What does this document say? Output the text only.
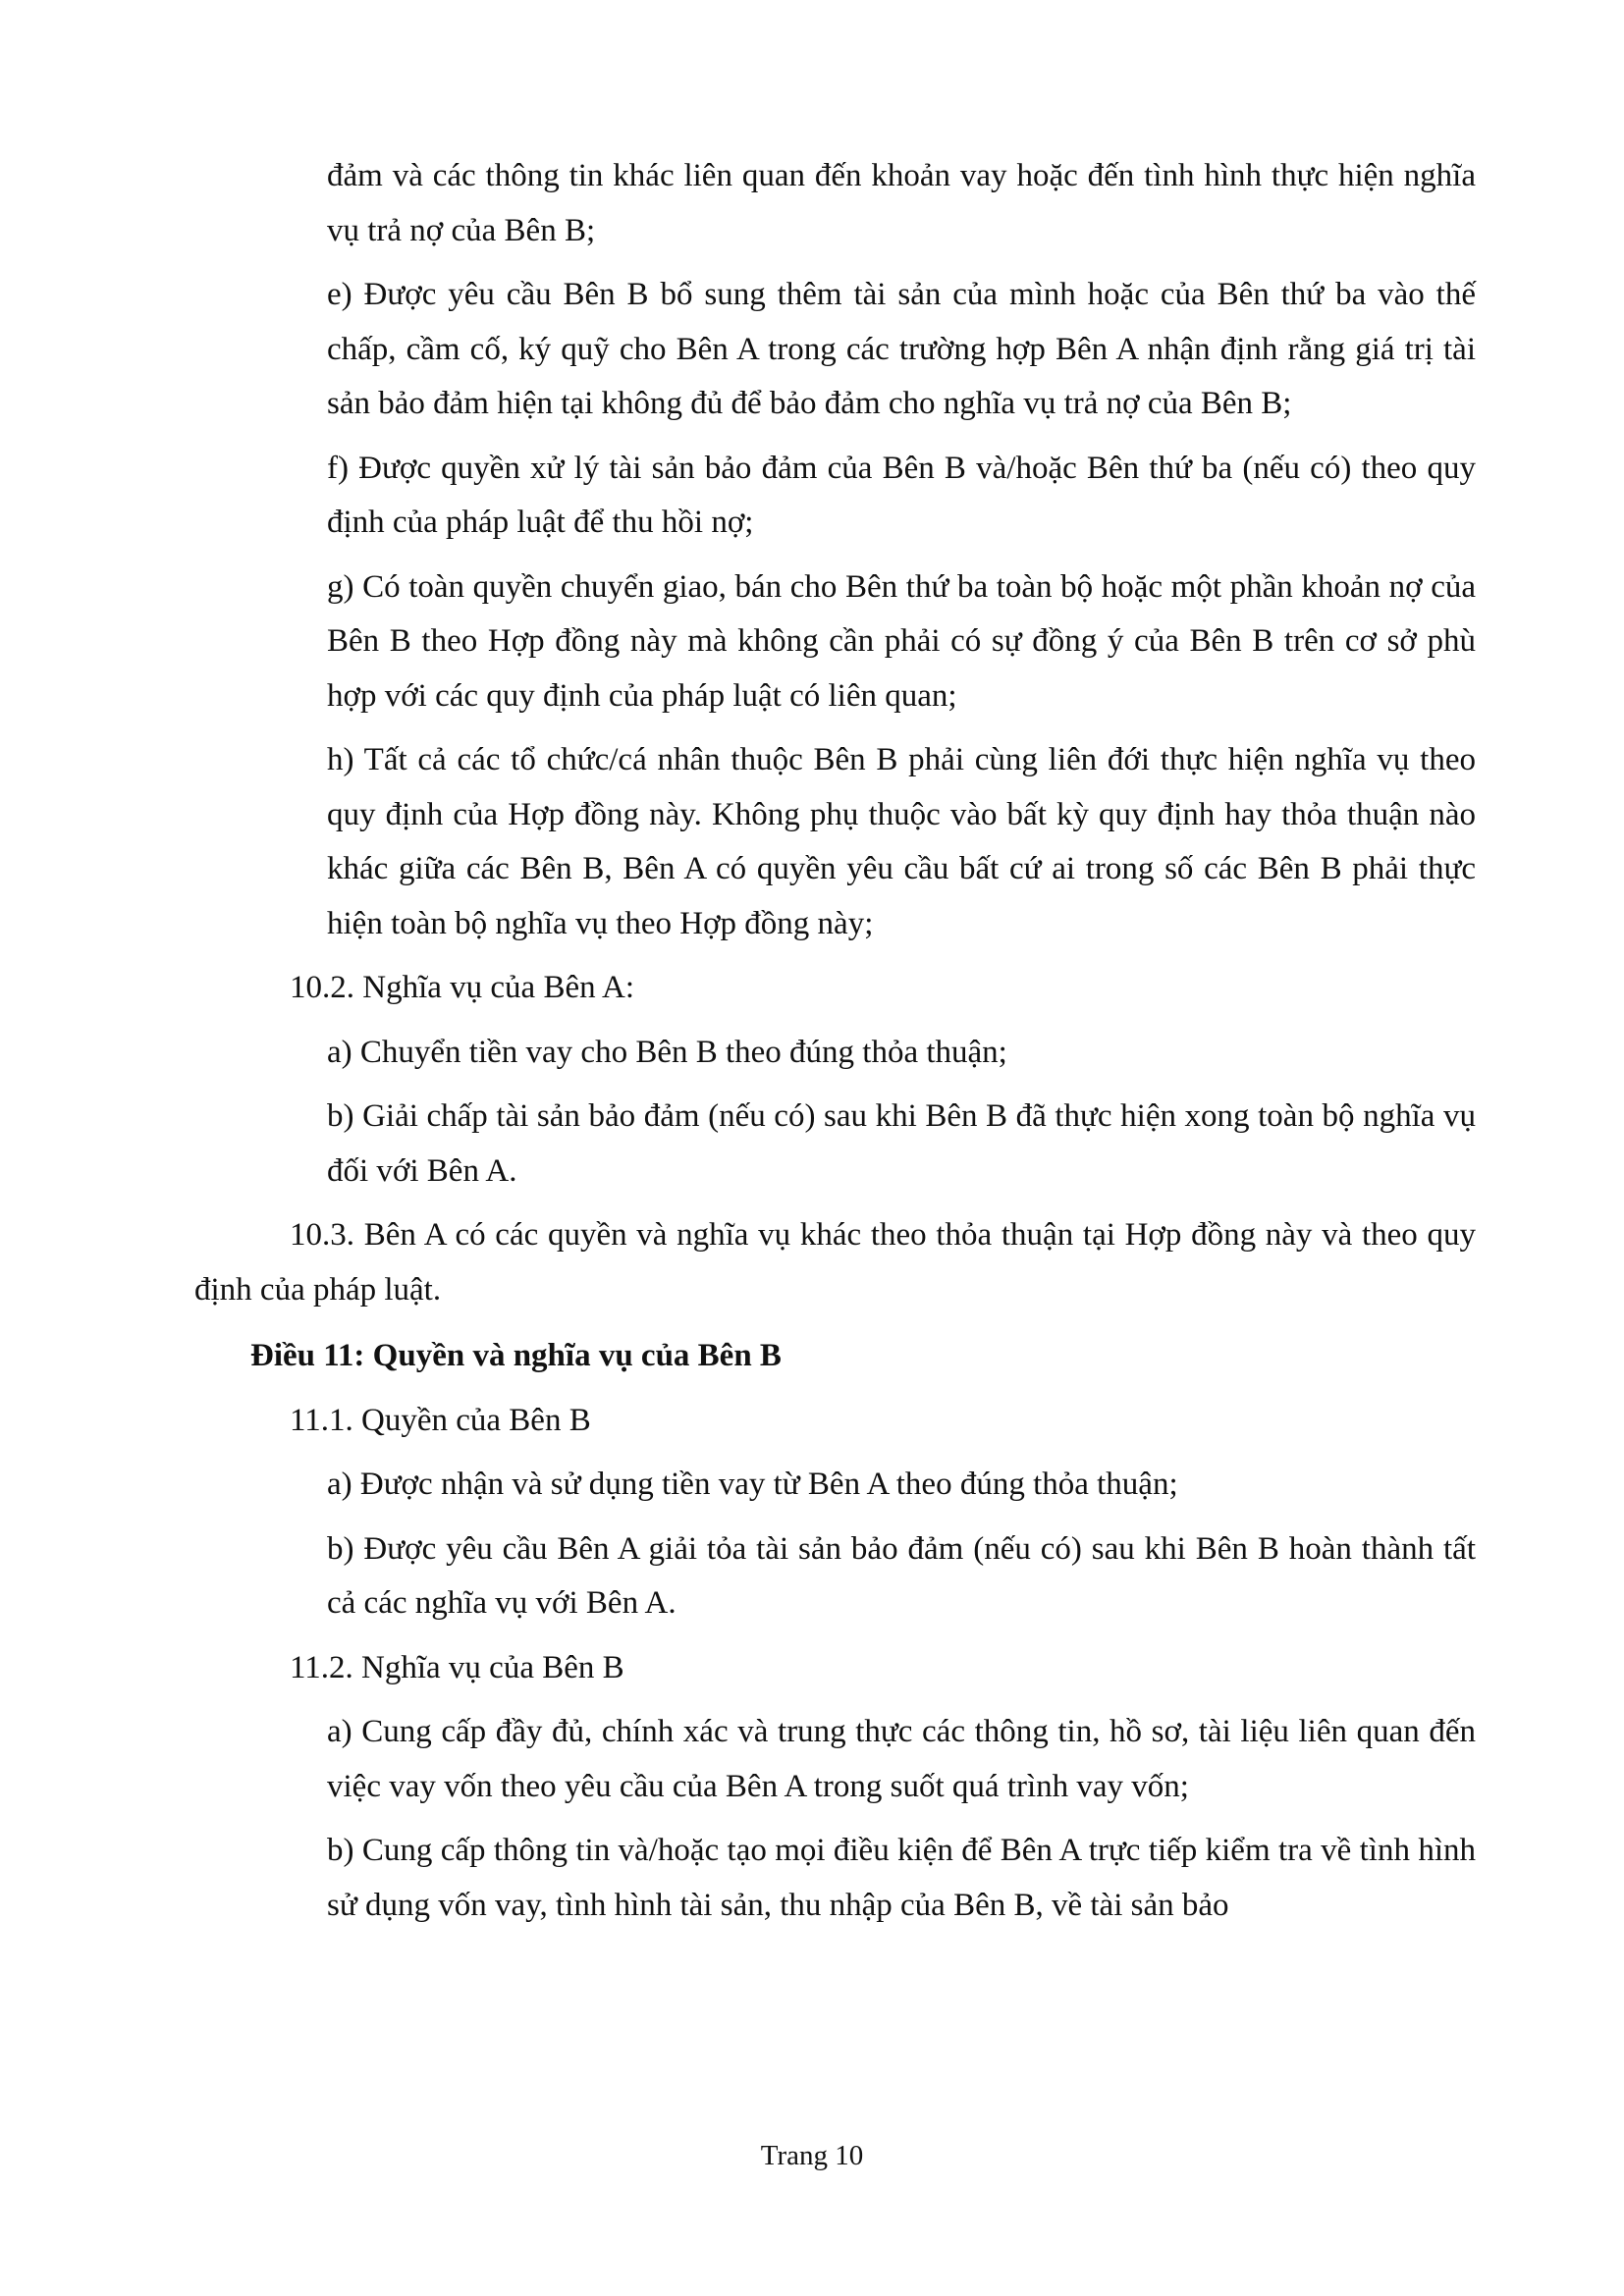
đảm và các thông tin khác liên quan đến khoản vay hoặc đến tình hình thực hiện nghĩa vụ trả nợ của Bên B;

e) Được yêu cầu Bên B bổ sung thêm tài sản của mình hoặc của Bên thứ ba vào thế chấp, cầm cố, ký quỹ cho Bên A trong các trường hợp Bên A nhận định rằng giá trị tài sản bảo đảm hiện tại không đủ để bảo đảm cho nghĩa vụ trả nợ của Bên B;

f) Được quyền xử lý tài sản bảo đảm của Bên B và/hoặc Bên thứ ba (nếu có) theo quy định của pháp luật để thu hồi nợ;

g) Có toàn quyền chuyển giao, bán cho Bên thứ ba toàn bộ hoặc một phần khoản nợ của Bên B theo Hợp đồng này mà không cần phải có sự đồng ý của Bên B trên cơ sở phù hợp với các quy định của pháp luật có liên quan;

h) Tất cả các tổ chức/cá nhân thuộc Bên B phải cùng liên đới thực hiện nghĩa vụ theo quy định của Hợp đồng này. Không phụ thuộc vào bất kỳ quy định hay thỏa thuận nào khác giữa các Bên B, Bên A có quyền yêu cầu bất cứ ai trong số các Bên B phải thực hiện toàn bộ nghĩa vụ theo Hợp đồng này;

10.2. Nghĩa vụ của Bên A:

a) Chuyển tiền vay cho Bên B theo đúng thỏa thuận;

b) Giải chấp tài sản bảo đảm (nếu có) sau khi Bên B đã thực hiện xong toàn bộ nghĩa vụ đối với Bên A.

10.3. Bên A có các quyền và nghĩa vụ khác theo thỏa thuận tại Hợp đồng này và theo quy định của pháp luật.

Điều 11: Quyền và nghĩa vụ của Bên B

11.1. Quyền của Bên B

a) Được nhận và sử dụng tiền vay từ Bên A theo đúng thỏa thuận;

b) Được yêu cầu Bên A giải tỏa tài sản bảo đảm (nếu có) sau khi Bên B hoàn thành tất cả các nghĩa vụ với Bên A.

11.2. Nghĩa vụ của Bên B

a) Cung cấp đầy đủ, chính xác và trung thực các thông tin, hồ sơ, tài liệu liên quan đến việc vay vốn theo yêu cầu của Bên A trong suốt quá trình vay vốn;

b) Cung cấp thông tin và/hoặc tạo mọi điều kiện để Bên A trực tiếp kiểm tra về tình hình sử dụng vốn vay, tình hình tài sản, thu nhập của Bên B, về tài sản bảo

Trang 10
